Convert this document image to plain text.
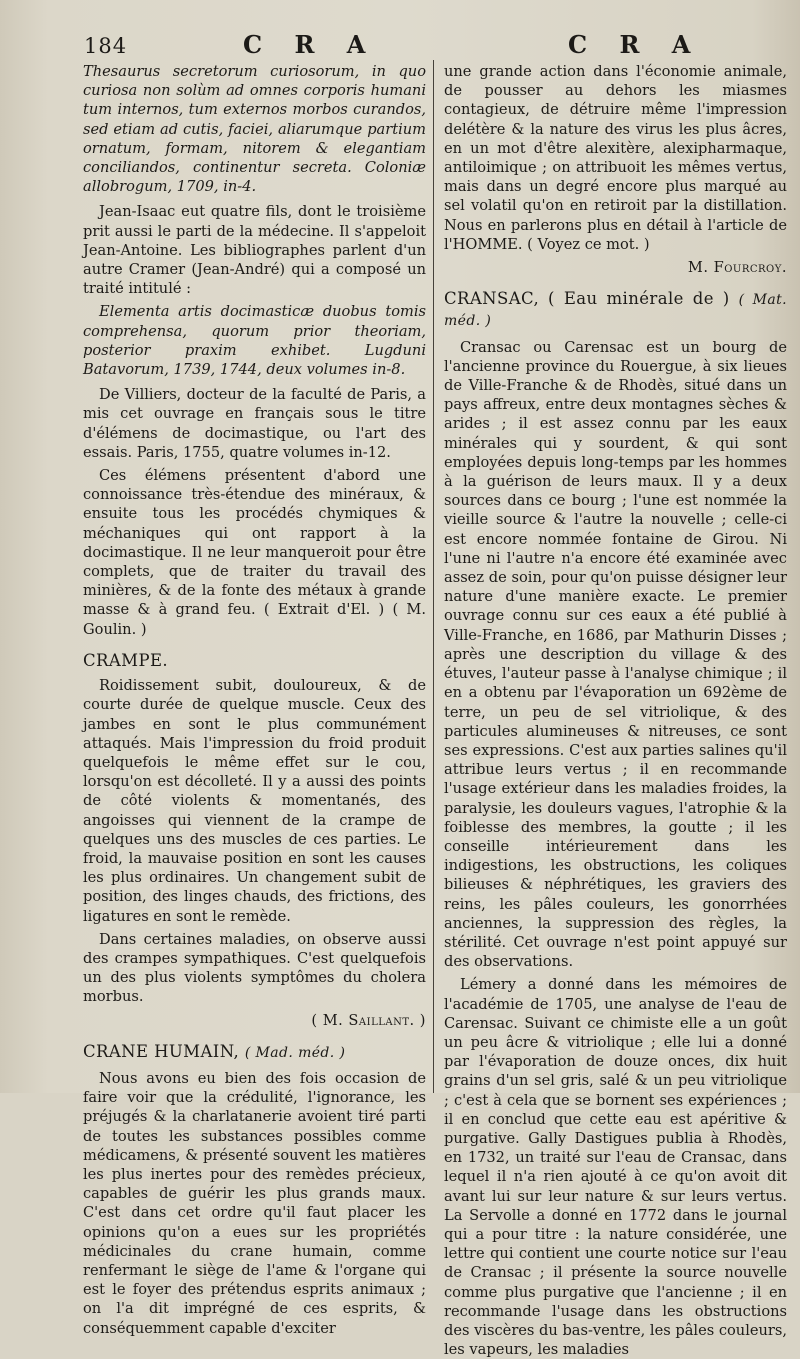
184	C R A	C R A

Thesaurus secretorum curiosorum, in quo curiosa non solùm ad omnes corporis humani tum internos, tum externos morbos curandos, sed etiam ad cutis, faciei, aliarumque partium ornatum, formam, nitorem & elegantiam conciliandos, continentur secreta. Coloniæ allobrogum, 1709, in-4.

Jean-Isaac eut quatre fils, dont le troisième prit aussi le parti de la médecine. Il s'appeloit Jean-Antoine. Les bibliographes parlent d'un autre Cramer (Jean-André) qui a composé un traité intitulé :

Elementa artis docimasticæ duobus tomis comprehensa, quorum prior theoriam, posterior praxim exhibet. Lugduni Batavorum, 1739, 1744, deux volumes in-8.

De Villiers, docteur de la faculté de Paris, a mis cet ouvrage en français sous le titre d'élémens de docimastique, ou l'art des essais. Paris, 1755, quatre volumes in-12.

Ces élémens présentent d'abord une connoissance très-étendue des minéraux, & ensuite tous les procédés chymiques & méchaniques qui ont rapport à la docimastique. Il ne leur manqueroit pour être complets, que de traiter du travail des minières, & de la fonte des métaux à grande masse & à grand feu. ( Extrait d'El. ) ( M. Goulin. )

CRAMPE.

Roidissement subit, douloureux, & de courte durée de quelque muscle. Ceux des jambes en sont le plus communément attaqués. Mais l'impression du froid produit quelquefois le même effet sur le cou, lorsqu'on est décolleté. Il y a aussi des points de côté violents & momentanés, des angoisses qui viennent de la crampe de quelques uns des muscles de ces parties. Le froid, la mauvaise position en sont les causes les plus ordinaires. Un changement subit de position, des linges chauds, des frictions, des ligatures en sont le remède.

Dans certaines maladies, on observe aussi des crampes sympathiques. C'est quelquefois un des plus violents symptômes du cholera morbus.

( M. Saillant. )

CRANE HUMAIN, ( Mad. méd. )

Nous avons eu bien des fois occasion de faire voir que la crédulité, l'ignorance, les préjugés & la charlatanerie avoient tiré parti de toutes les substances possibles comme médicamens, & présenté souvent les matières les plus inertes pour des remèdes précieux, capables de guérir les plus grands maux. C'est dans cet ordre qu'il faut placer les opinions qu'on a eues sur les propriétés médicinales du crane humain, comme renfermant le siège de l'ame & l'organe qui est le foyer des prétendus esprits animaux ; on l'a dit imprégné de ces esprits, & conséquemment capable d'exciter

une grande action dans l'économie animale, de pousser au dehors les miasmes contagieux, de détruire même l'impression delétère & la nature des virus les plus âcres, en un mot d'être alexitère, alexipharmaque, antiloimique ; on attribuoit les mêmes vertus, mais dans un degré encore plus marqué au sel volatil qu'on en retiroit par la distillation. Nous en parlerons plus en détail à l'article de l'HOMME. ( Voyez ce mot. )

M. Fourcroy.

CRANSAC, ( Eau minérale de ) ( Mat. méd. )

Cransac ou Carensac est un bourg de l'ancienne province du Rouergue, à six lieues de Ville-Franche & de Rhodès, situé dans un pays affreux, entre deux montagnes sèches & arides ; il est assez connu par les eaux minérales qui y sourdent, & qui sont employées depuis long-temps par les hommes à la guérison de leurs maux. Il y a deux sources dans ce bourg ; l'une est nommée la vieille source & l'autre la nouvelle ; celle-ci est encore nommée fontaine de Girou. Ni l'une ni l'autre n'a encore été examinée avec assez de soin, pour qu'on puisse désigner leur nature d'une manière exacte. Le premier ouvrage connu sur ces eaux a été publié à Ville-Franche, en 1686, par Mathurin Disses ; après une description du village & des étuves, l'auteur passe à l'analyse chimique ; il en a obtenu par l'évaporation un 692ème de terre, un peu de sel vitriolique, & des particules alumineuses & nitreuses, ce sont ses expressions. C'est aux parties salines qu'il attribue leurs vertus ; il en recommande l'usage extérieur dans les maladies froides, la paralysie, les douleurs vagues, l'atrophie & la foiblesse des membres, la goutte ; il les conseille intérieurement dans les indigestions, les obstructions, les coliques bilieuses & néphrétiques, les graviers des reins, les pâles couleurs, les gonorrhées anciennes, la suppression des règles, la stérilité. Cet ouvrage n'est point appuyé sur des observations.

Lémery a donné dans les mémoires de l'académie de 1705, une analyse de l'eau de Carensac. Suivant ce chimiste elle a un goût un peu âcre & vitriolique ; elle lui a donné par l'évaporation de douze onces, dix huit grains d'un sel gris, salé & un peu vitriolique ; c'est à cela que se bornent ses expériences ; il en conclud que cette eau est apéritive & purgative. Gally Dastigues publia à Rhodès, en 1732, un traité sur l'eau de Cransac, dans lequel il n'a rien ajouté à ce qu'on avoit dit avant lui sur leur nature & sur leurs vertus. La Servolle a donné en 1772 dans le journal qui a pour titre : la nature considérée, une lettre qui contient une courte notice sur l'eau de Cransac ; il présente la source nouvelle comme plus purgative que l'ancienne ; il en recommande l'usage dans les obstructions des viscères du bas-ventre, les pâles couleurs, les vapeurs, les maladies
